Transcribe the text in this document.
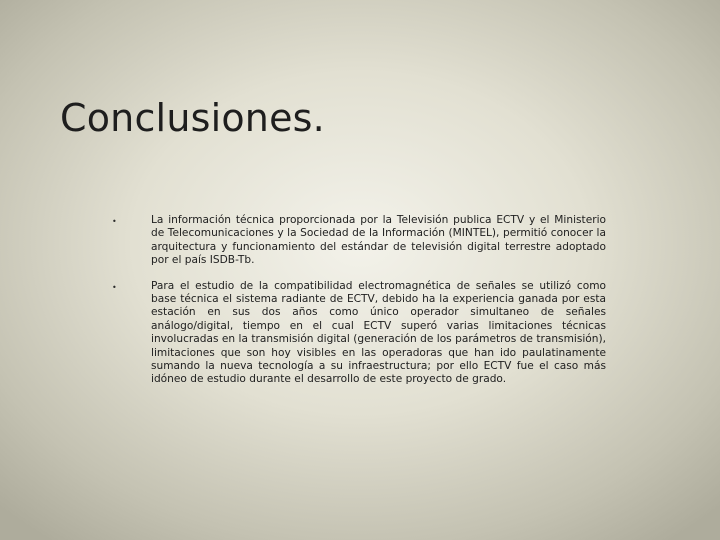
Conclusiones.
•	La información técnica proporcionada por la Televisión publica ECTV y el Ministerio de Telecomunicaciones y la Sociedad de la Información (MINTEL), permitió conocer la arquitectura y funcionamiento del estándar de televisión digital terrestre adoptado por el país ISDB-Tb.
•	Para el estudio de la compatibilidad electromagnética de señales se utilizó como base técnica el sistema radiante de ECTV, debido ha la experiencia ganada por esta estación en sus dos años como único operador simultaneo de señales análogo/digital, tiempo en el cual ECTV superó varias limitaciones técnicas involucradas en la transmisión digital (generación de los parámetros de transmisión), limitaciones que son hoy visibles en las operadoras que han ido paulatinamente sumando la nueva tecnología a su infraestructura; por ello ECTV fue el caso más idóneo de estudio durante el desarrollo de este proyecto de grado.
